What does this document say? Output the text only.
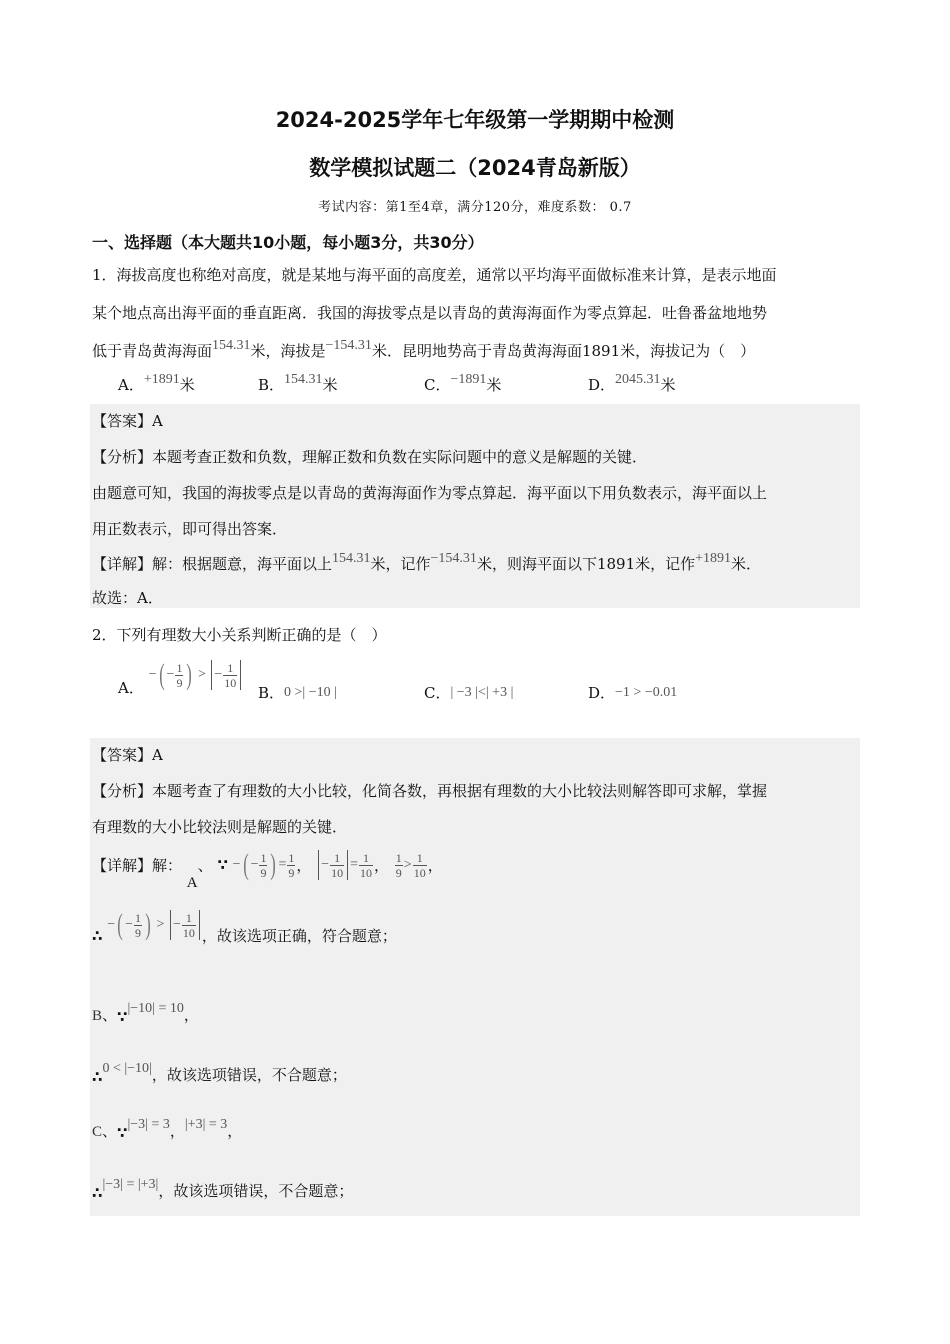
2024-2025学年七年级第一学期期中检测
数学模拟试题二（2024青岛新版）
考试内容：第1至4章，满分120分，难度系数： 0.7
一、选择题（本大题共10小题，每小题3分，共30分）
1．海拔高度也称绝对高度，就是某地与海平面的高度差，通常以平均海平面做标准来计算，是表示地面
某个地点高出海平面的垂直距离．我国的海拔零点是以青岛的黄海海面作为零点算起．吐鲁番盆地地势
低于青岛黄海海面154.31米，海拔是−154.31米．昆明地势高于青岛黄海海面1891米，海拔记为（　）
A．+1891米	B．154.31米	C．−1891米	D．2045.31米
【答案】A
【分析】本题考查正数和负数，理解正数和负数在实际问题中的意义是解题的关键．
由题意可知，我国的海拔零点是以青岛的黄海海面作为零点算起．海平面以下用负数表示，海平面以上
用正数表示，即可得出答案．
【详解】解：根据题意，海平面以上154.31米，记作−154.31米，则海平面以下1891米，记作+1891米．
故选：A．
2．下列有理数大小关系判断正确的是（　）
A． −( − $\frac{1}{9}$ ) > − $\frac{1}{10}$
B．0 >| −10 |	C．| −3 |<| +3 |	D．−1 > −0.01
【答案】A
【分析】本题考查了有理数的大小比较，化简各数，再根据有理数的大小比较法则解答即可求解，掌握
有理数的大小比较法则是解题的关键．
【详解】解： A、 ∵ −( − $\frac{1}{9}$ ) = $\frac{1}{9}$ ， − $\frac{1}{10} = \frac{1}{10}$ ， $\frac{1}{9} > \frac{1}{10}$ ，
∴ −( − $\frac{1}{9}$ ) > − $\frac{1}{10}$ ，故该选项正确，符合题意；
B、∵|−10| = 10，
∴0 < |−10|，故该选项错误，不合题意；
C、∵|−3| = 3，|+3| = 3，
∴|−3| = |+3|，故该选项错误，不合题意；
